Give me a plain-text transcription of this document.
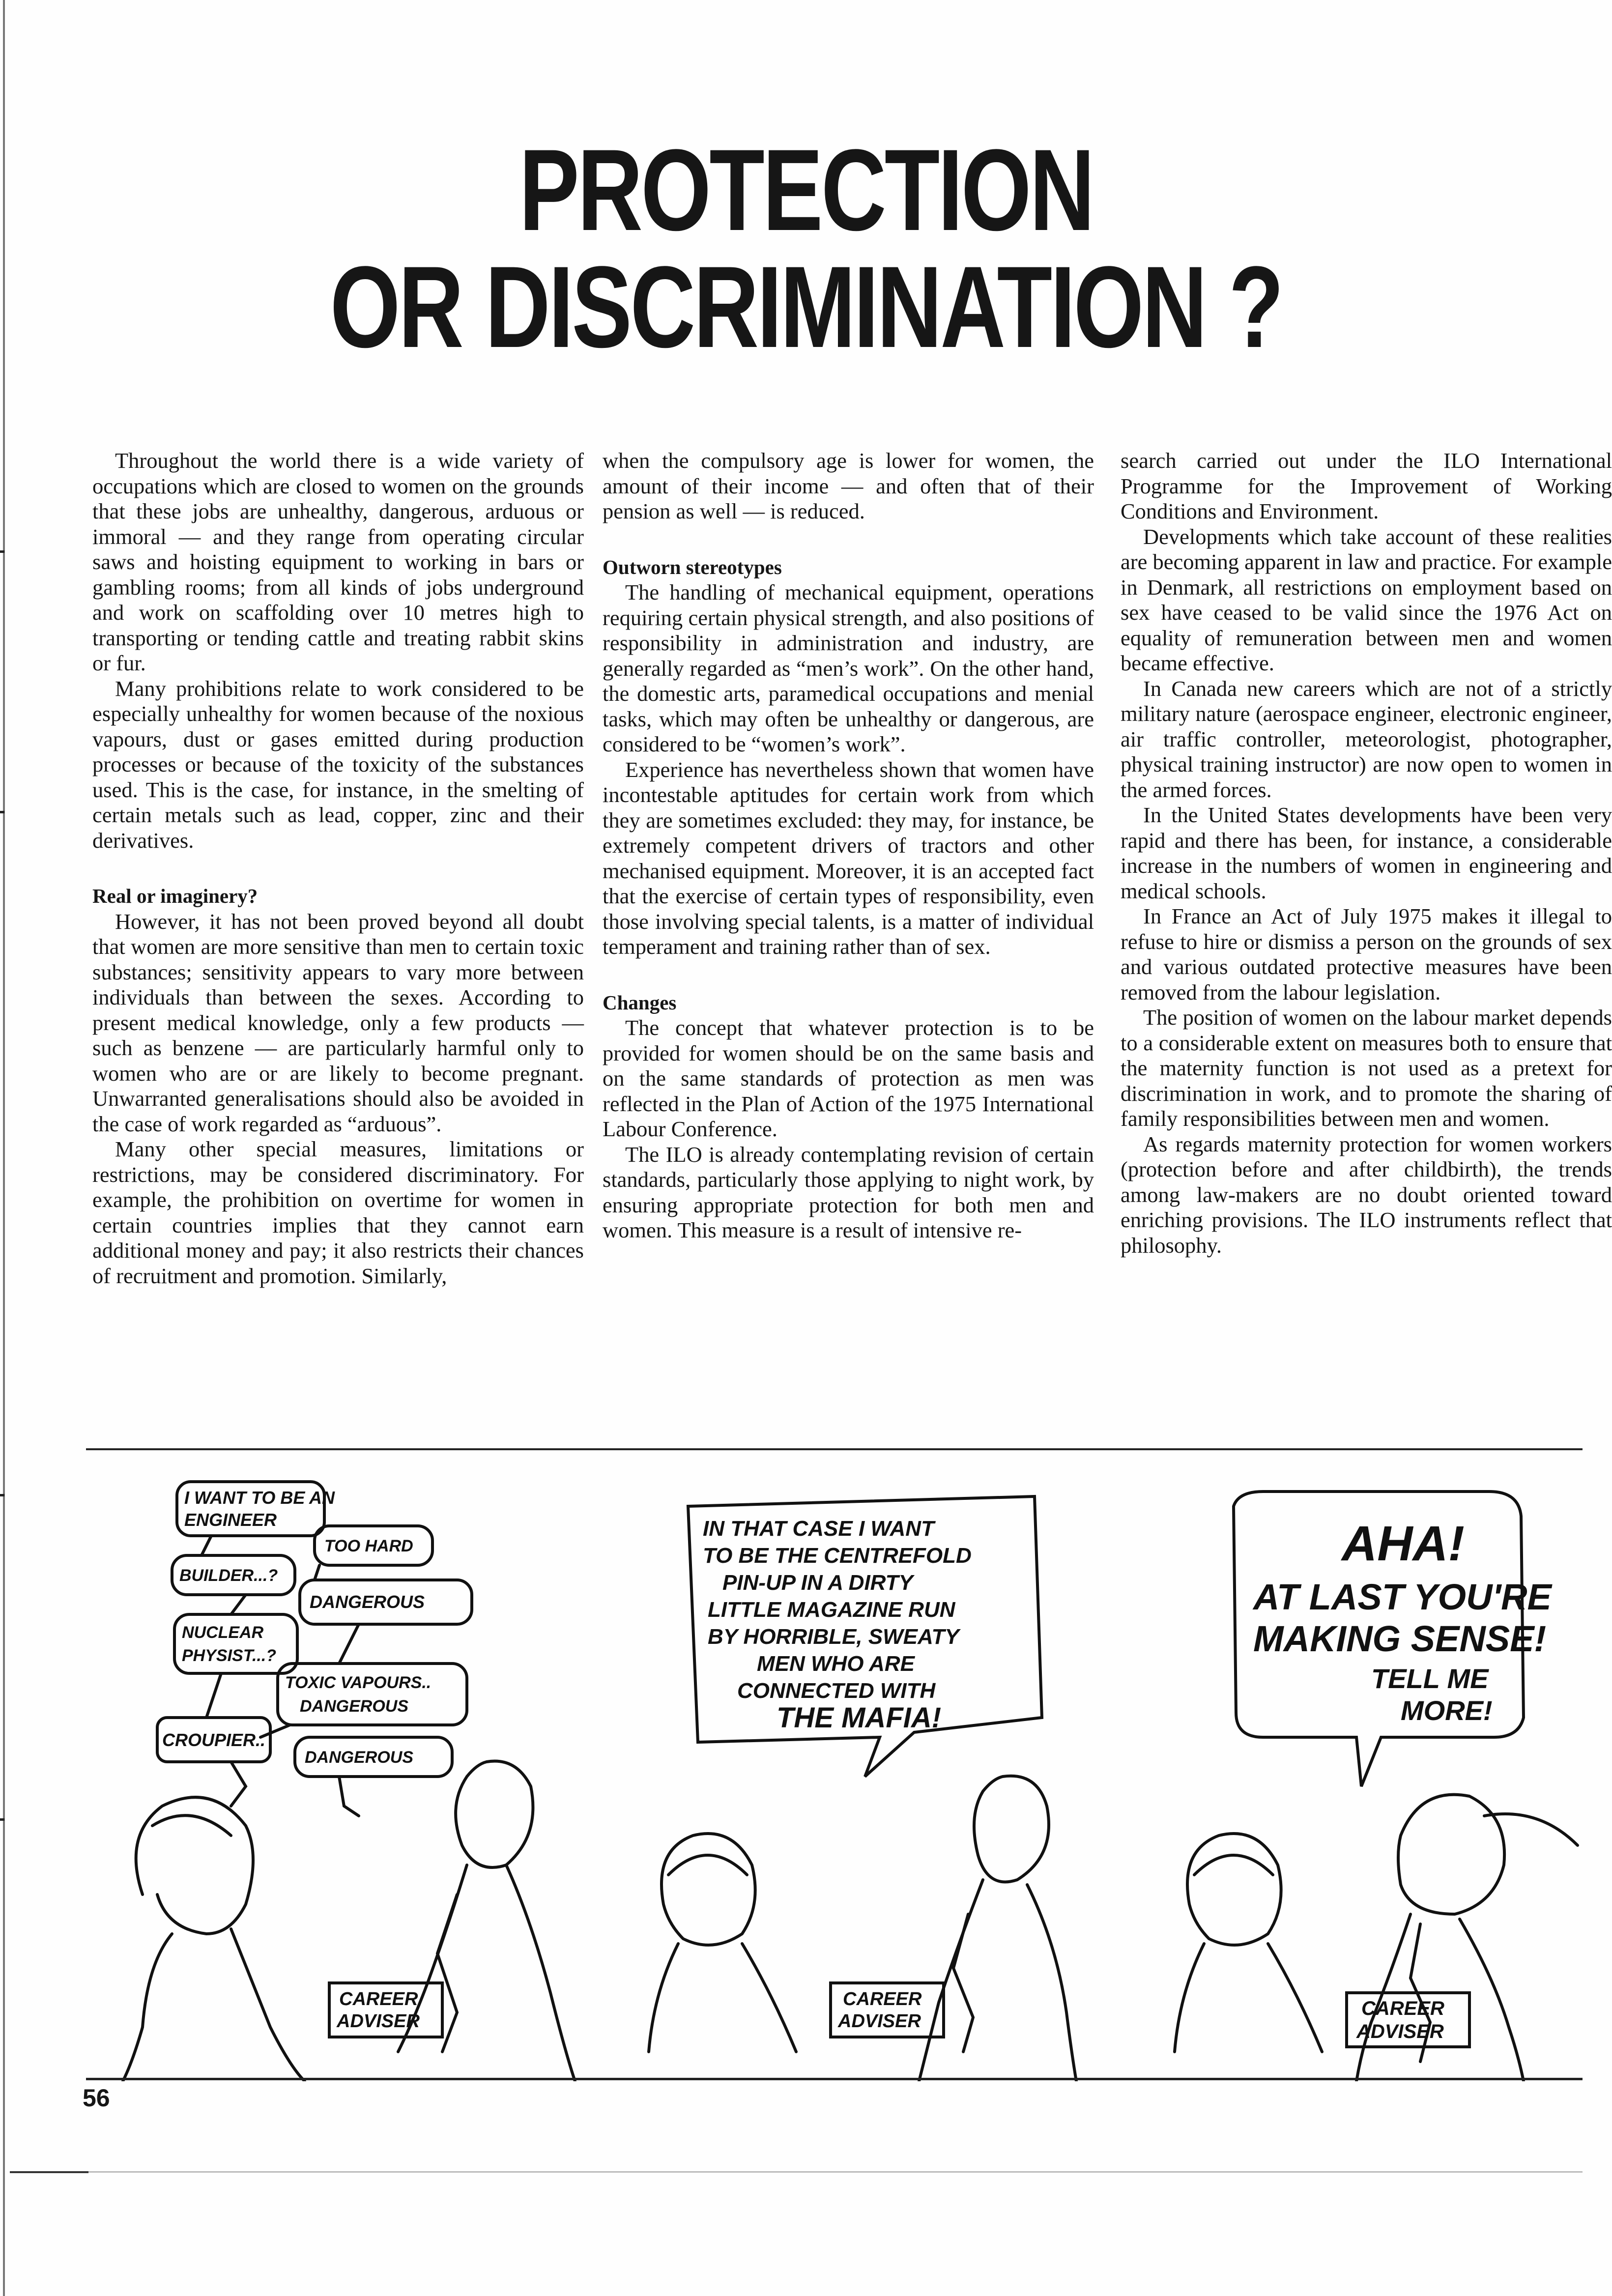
PROTECTION
OR DISCRIMINATION ?

Throughout the world there is a wide variety of occupations which are closed to women on the grounds that these jobs are unhealthy, dangerous, arduous or immoral — and they range from operating circular saws and hoisting equipment to working in bars or gambling rooms; from all kinds of jobs underground and work on scaffolding over 10 metres high to transporting or tending cattle and treating rabbit skins or fur.

Many prohibitions relate to work considered to be especially unhealthy for women because of the noxious vapours, dust or gases emitted during production processes or because of the toxicity of the substances used. This is the case, for instance, in the smelting of certain metals such as lead, copper, zinc and their derivatives.

Real or imaginery?

However, it has not been proved beyond all doubt that women are more sensitive than men to certain toxic substances; sensitivity appears to vary more between individuals than between the sexes. According to present medical knowledge, only a few products — such as benzene — are particularly harmful only to women who are or are likely to become pregnant. Unwarranted generalisations should also be avoided in the case of work regarded as “arduous”.

Many other special measures, limitations or restrictions, may be considered discriminatory. For example, the prohibition on overtime for women in certain countries implies that they cannot earn additional money and pay; it also restricts their chances of recruitment and promotion. Similarly,

when the compulsory age is lower for women, the amount of their income — and often that of their pension as well — is reduced.

Outworn stereotypes

The handling of mechanical equipment, operations requiring certain physical strength, and also positions of responsibility in administration and industry, are generally regarded as “men’s work”. On the other hand, the domestic arts, paramedical occupations and menial tasks, which may often be unhealthy or dangerous, are considered to be “women’s work”.

Experience has nevertheless shown that women have incontestable aptitudes for certain work from which they are sometimes excluded: they may, for instance, be extremely competent drivers of tractors and other mechanised equipment. Moreover, it is an accepted fact that the exercise of certain types of responsibility, even those involving special talents, is a matter of individual temperament and training rather than of sex.

Changes

The concept that whatever protection is to be provided for women should be on the same basis and on the same standards of protection as men was reflected in the Plan of Action of the 1975 International Labour Conference.

The ILO is already contemplating revision of certain standards, particularly those applying to night work, by ensuring appropriate protection for both men and women. This measure is a result of intensive re-

search carried out under the ILO International Programme for the Improvement of Working Conditions and Environment.

Developments which take account of these realities are becoming apparent in law and practice. For example in Denmark, all restrictions on employment based on sex have ceased to be valid since the 1976 Act on equality of remuneration between men and women became effective.

In Canada new careers which are not of a strictly military nature (aerospace engineer, electronic engineer, air traffic controller, meteorologist, photographer, physical training instructor) are now open to women in the armed forces.

In the United States developments have been very rapid and there has been, for instance, a considerable increase in the numbers of women in engineering and medical schools.

In France an Act of July 1975 makes it illegal to refuse to hire or dismiss a person on the grounds of sex and various outdated protective measures have been removed from the labour legislation.

The position of women on the labour market depends to a considerable extent on measures both to ensure that the maternity function is not used as a pretext for discrimination in work, and to promote the sharing of family responsibilities between men and women.

As regards maternity protection for women workers (protection before and after childbirth), the trends among law-makers are no doubt oriented toward enriching provisions. The ILO instruments reflect that philosophy.

I WANT TO BE AN
ENGINEER
TOO HARD
BUILDER...?
DANGEROUS
NUCLEAR
PHYSIST...?
TOXIC VAPOURS..
DANGEROUS
CROUPIER..
DANGEROUS
IN THAT CASE I WANT
TO BE THE CENTREFOLD
PIN-UP IN A DIRTY
LITTLE MAGAZINE RUN
BY HORRIBLE, SWEATY
MEN WHO ARE
CONNECTED WITH
THE MAFIA!
AHA!
AT LAST YOU'RE
MAKING SENSE!
TELL ME
MORE!
CAREER
ADVISER
CAREER
ADVISER
CAREER
ADVISER
56
